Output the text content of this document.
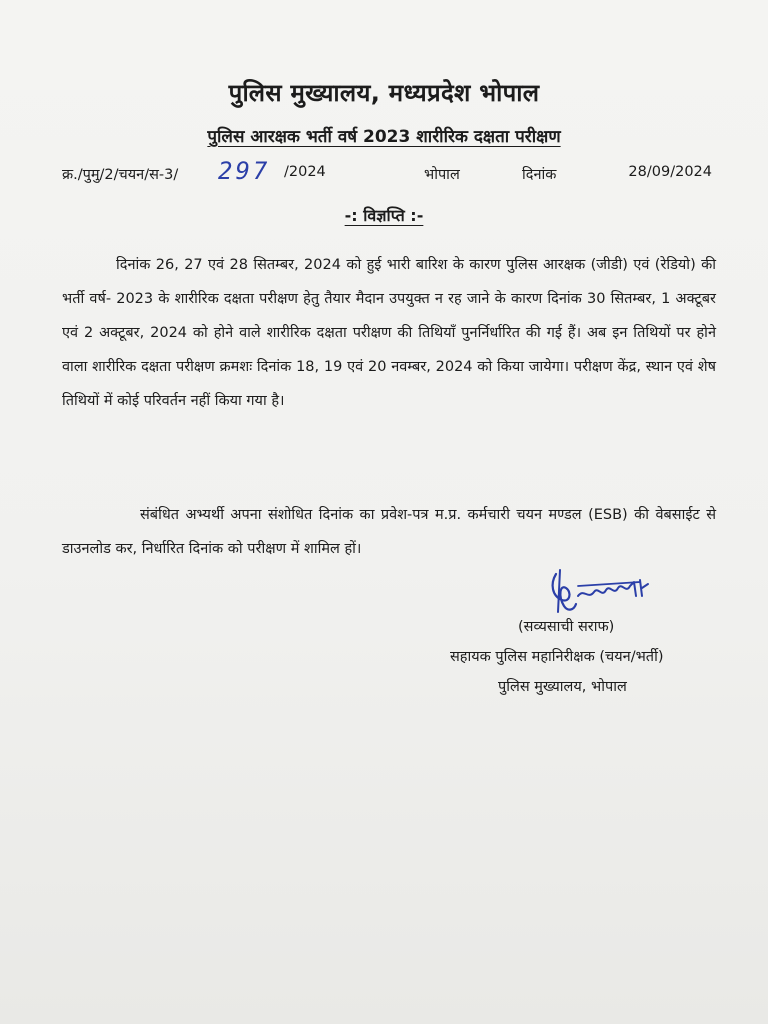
पुलिस मुख्यालय, मध्यप्रदेश भोपाल
पुलिस आरक्षक भर्ती वर्ष 2023 शारीरिक दक्षता परीक्षण
क्र./पुमु/2/चयन/स-3/ 297 /2024	भोपाल	दिनांक	28/09/2024
-: विज्ञप्ति :-
दिनांक 26, 27 एवं 28 सितम्बर, 2024 को हुई भारी बारिश के कारण पुलिस आरक्षक (जीडी) एवं (रेडियो) की भर्ती वर्ष- 2023 के शारीरिक दक्षता परीक्षण हेतु तैयार मैदान उपयुक्त न रह जाने के कारण दिनांक 30 सितम्बर, 1 अक्टूबर एवं 2 अक्टूबर, 2024 को होने वाले शारीरिक दक्षता परीक्षण की तिथियाँ पुनर्निर्धारित की गई हैं। अब इन तिथियों पर होने वाला शारीरिक दक्षता परीक्षण क्रमशः दिनांक 18, 19 एवं 20 नवम्बर, 2024 को किया जायेगा। परीक्षण केंद्र, स्थान एवं शेष तिथियों में कोई परिवर्तन नहीं किया गया है।
संबंधित अभ्यर्थी अपना संशोधित दिनांक का प्रवेश-पत्र म.प्र. कर्मचारी चयन मण्डल (ESB) की वेबसाईट से डाउनलोड कर, निर्धारित दिनांक को परीक्षण में शामिल हों।
(सव्यसाची सराफ)
सहायक पुलिस महानिरीक्षक (चयन/भर्ती)
पुलिस मुख्यालय, भोपाल
